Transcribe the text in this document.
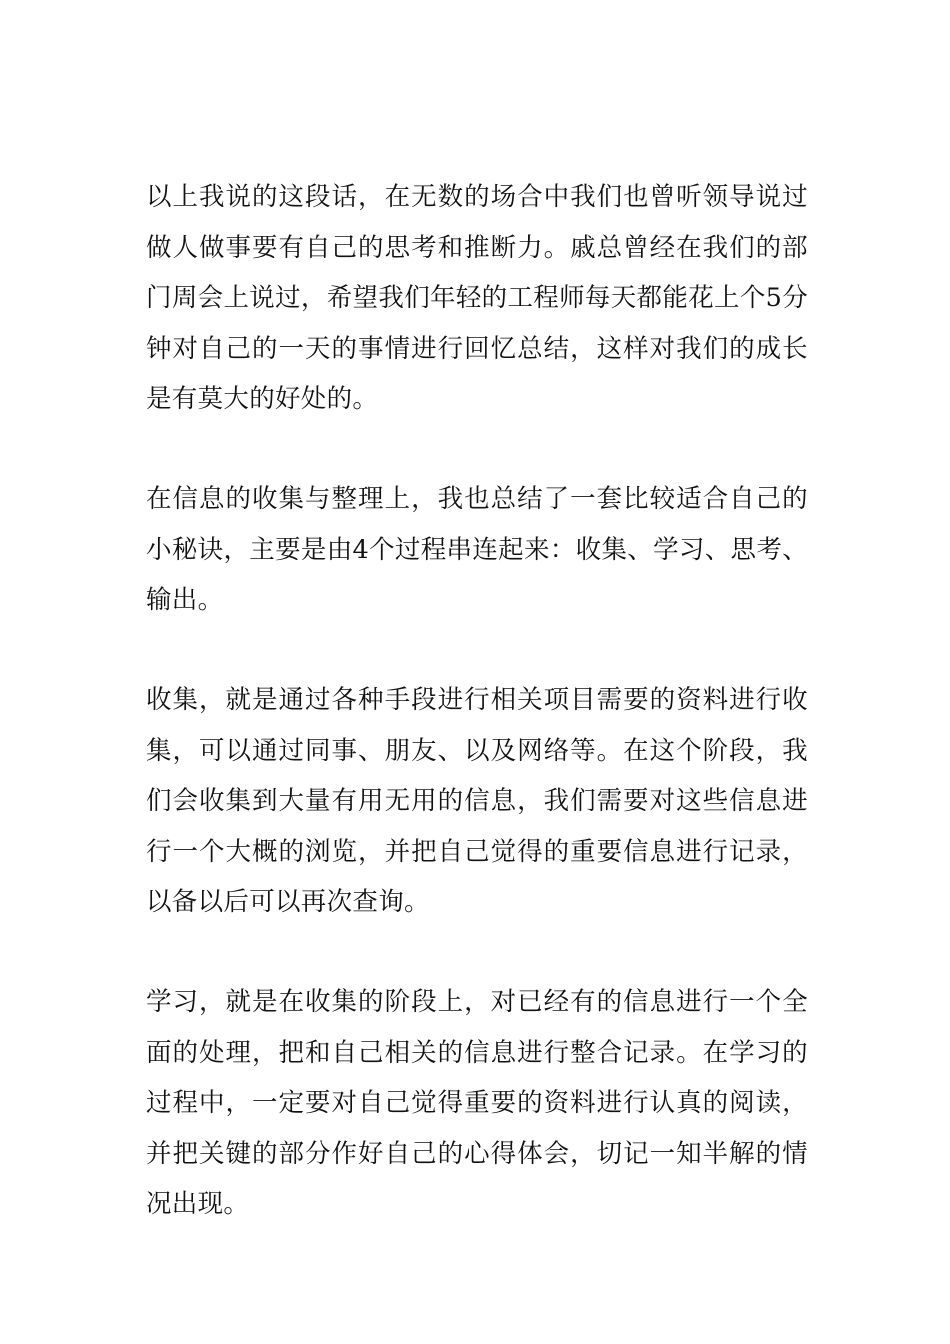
以上我说的这段话，在无数的场合中我们也曾听领导说过做人做事要有自己的思考和推断力。戚总曾经在我们的部门周会上说过，希望我们年轻的工程师每天都能花上个5分钟对自己的一天的事情进行回忆总结，这样对我们的成长是有莫大的好处的。

在信息的收集与整理上，我也总结了一套比较适合自己的小秘诀，主要是由4个过程串连起来：收集、学习、思考、输出。

收集，就是通过各种手段进行相关项目需要的资料进行收集，可以通过同事、朋友、以及网络等。在这个阶段，我们会收集到大量有用无用的信息，我们需要对这些信息进行一个大概的浏览，并把自己觉得的重要信息进行记录，以备以后可以再次查询。

学习，就是在收集的阶段上，对已经有的信息进行一个全面的处理，把和自己相关的信息进行整合记录。在学习的过程中，一定要对自己觉得重要的资料进行认真的阅读，并把关键的部分作好自己的心得体会，切记一知半解的情况出现。
